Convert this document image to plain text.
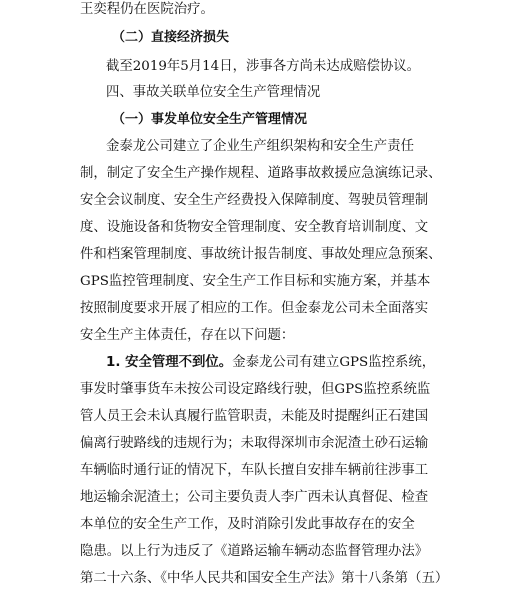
王奕程仍在医院治疗。
（二）直接经济损失
截至2019年5月14日，涉事各方尚未达成赔偿协议。
四、事故关联单位安全生产管理情况
（一）事发单位安全生产管理情况
金泰龙公司建立了企业生产组织架构和安全生产责任
制，制定了安全生产操作规程、道路事故救援应急演练记录、
安全会议制度、安全生产经费投入保障制度、驾驶员管理制
度、设施设备和货物安全管理制度、安全教育培训制度、文
件和档案管理制度、事故统计报告制度、事故处理应急预案、
GPS监控管理制度、安全生产工作目标和实施方案，并基本
按照制度要求开展了相应的工作。但金泰龙公司未全面落实
安全生产主体责任，存在以下问题：
1. 安全管理不到位。金泰龙公司有建立GPS监控系统，
事发时肇事货车未按公司设定路线行驶，但GPS监控系统监
管人员王会未认真履行监管职责，未能及时提醒纠正石建国
偏离行驶路线的违规行为；未取得深圳市余泥渣土砂石运输
车辆临时通行证的情况下，车队长擅自安排车辆前往涉事工
地运输余泥渣土；公司主要负责人李广西未认真督促、检查
本单位的安全生产工作，及时消除引发此事故存在的安全
隐患。以上行为违反了《道路运输车辆动态监督管理办法》
第二十六条、《中华人民共和国安全生产法》第十八条第（五）
